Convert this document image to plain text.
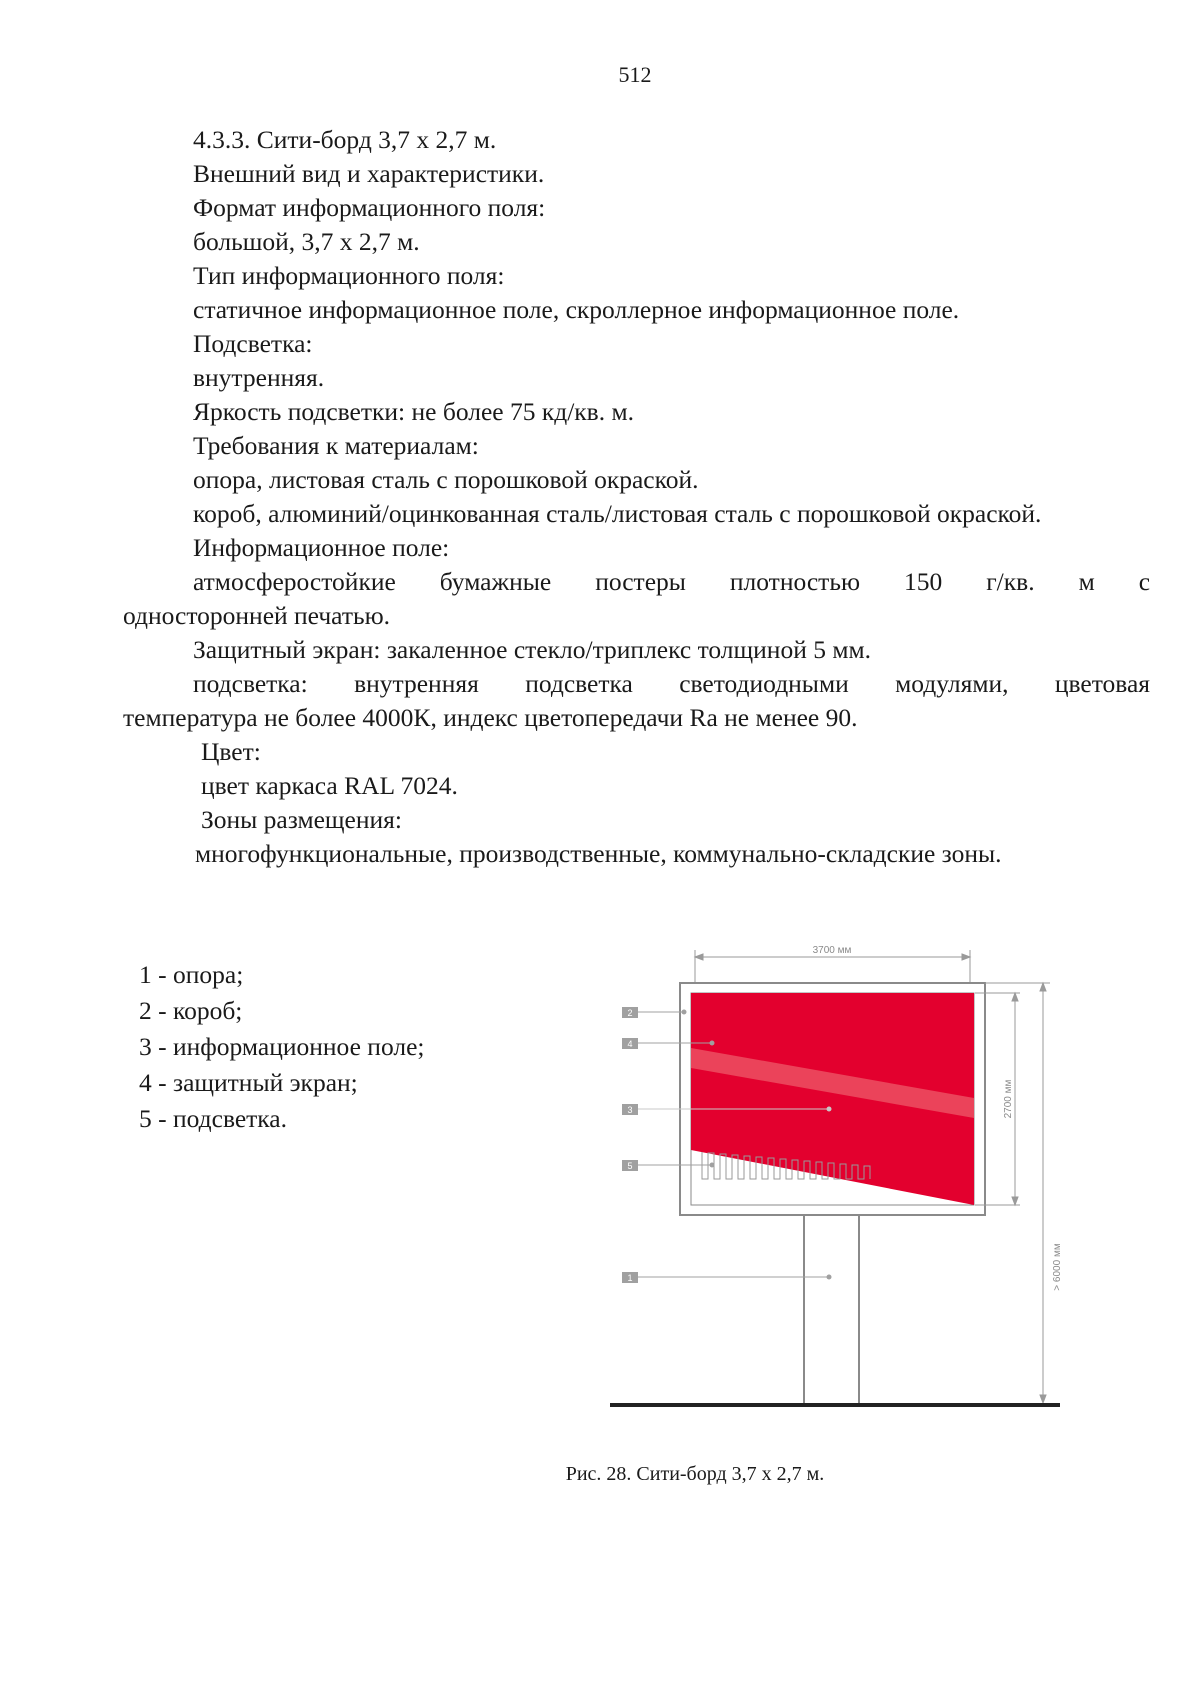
512
4.3.3. Сити-борд 3,7 х 2,7 м.
Внешний вид и характеристики.
Формат информационного поля:
большой, 3,7 х 2,7 м.
Тип информационного поля:
статичное информационное поле, скроллерное информационное поле.
Подсветка:
внутренняя.
Яркость подсветки: не более 75 кд/кв. м.
Требования к материалам:
опора, листовая сталь с порошковой окраской.
короб, алюминий/оцинкованная сталь/листовая сталь с порошковой окраской.
Информационное поле:
атмосферостойкие бумажные постеры плотностью 150 г/кв. м с
односторонней печатью.
Защитный экран: закаленное стекло/триплекс толщиной 5 мм.
подсветка: внутренняя подсветка светодиодными модулями, цветовая
температура не более 4000К, индекс цветопередачи Ra не менее 90.
Цвет:
цвет каркаса RAL 7024.
Зоны размещения:
многофункциональные, производственные, коммунально-складские зоны.
1 - опора;
2 - короб;
3 - информационное поле;
4 - защитный экран;
5 - подсветка.
3700 мм
2700 мм
> 6000 мм
2
4
3
5
1
Рис. 28. Сити-борд 3,7 х 2,7 м.
